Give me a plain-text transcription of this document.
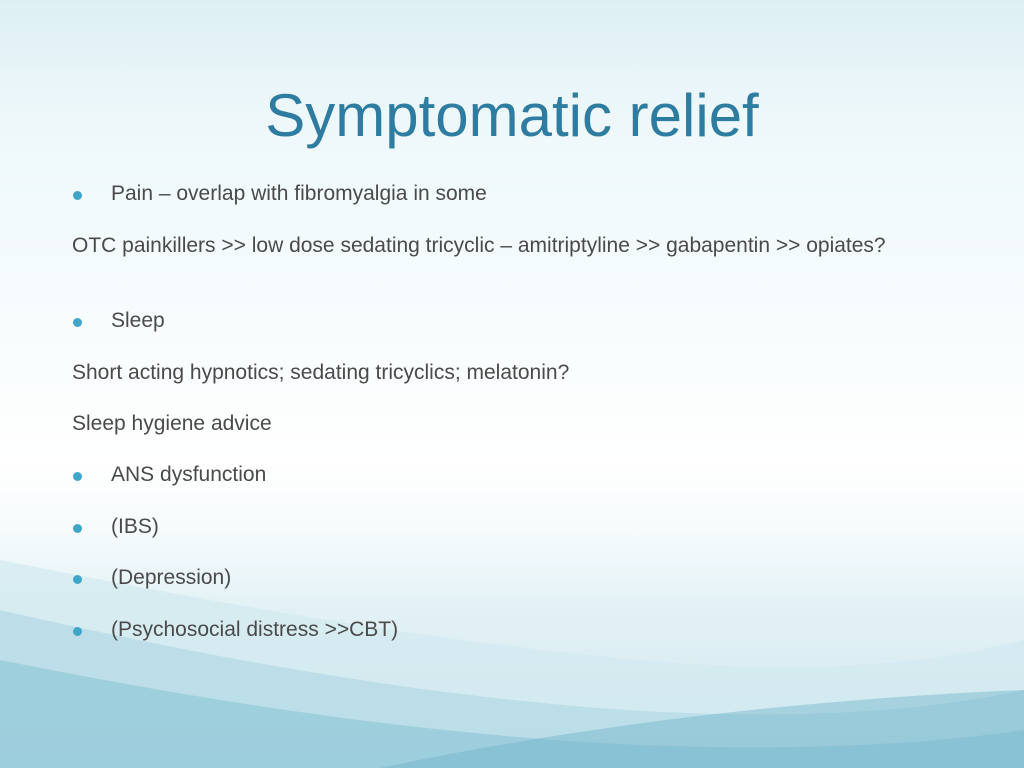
Symptomatic relief
Pain – overlap with fibromyalgia in some
OTC painkillers >> low dose sedating tricyclic – amitriptyline >> gabapentin >> opiates?
Sleep
Short acting hypnotics; sedating tricyclics; melatonin?
Sleep hygiene advice
ANS dysfunction
(IBS)
(Depression)
(Psychosocial distress >>CBT)
